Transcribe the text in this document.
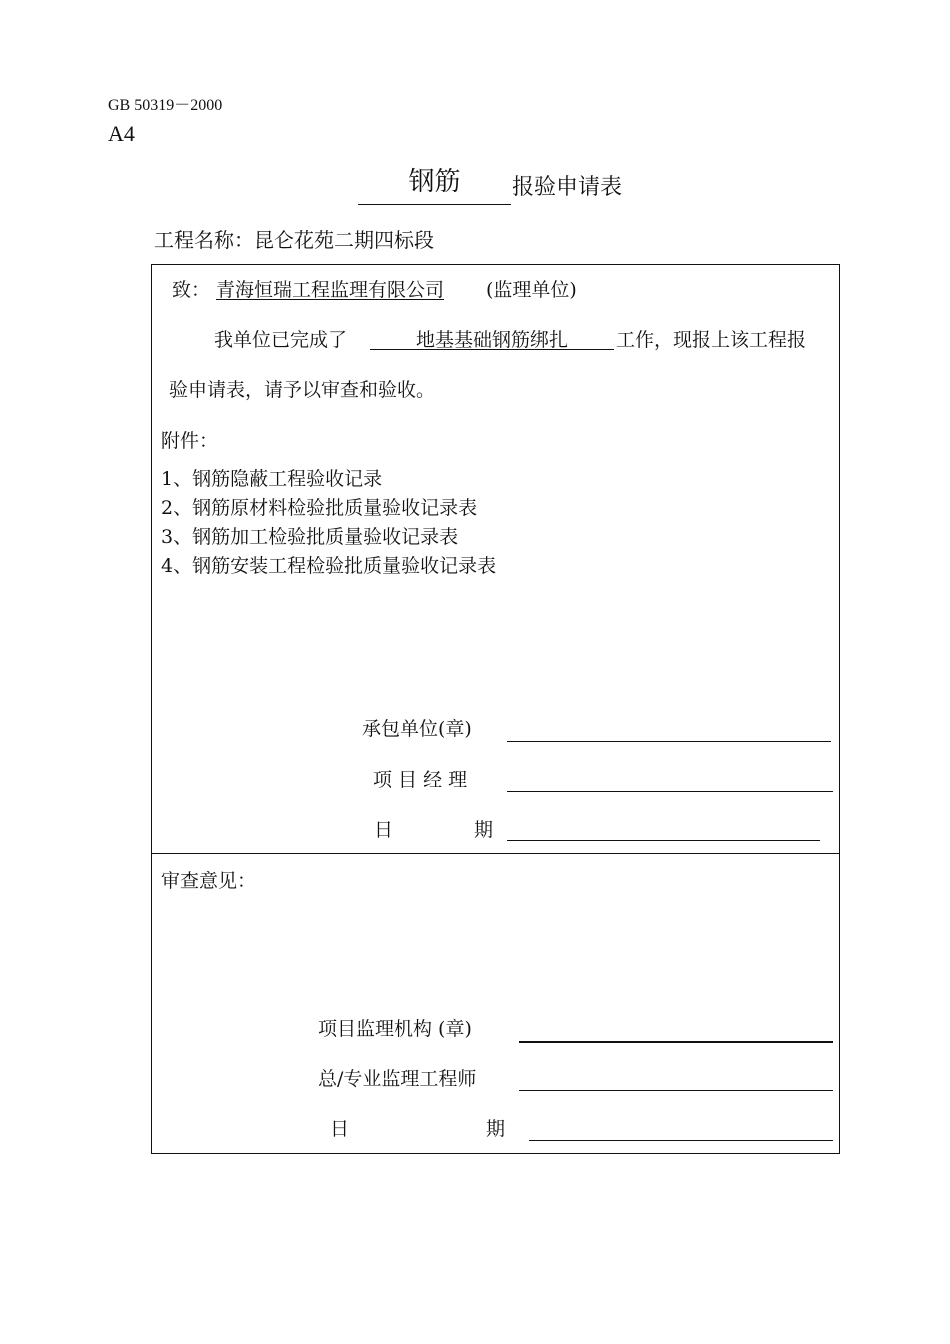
GB 50319－2000
A4
钢筋	报验申请表
工程名称：昆仑花苑二期四标段
致： 青海恒瑞工程监理有限公司 (监理单位)
我单位已完成了	地基基础钢筋绑扎	工作，现报上该工程报
验申请表，请予以审查和验收。
附件：
1、钢筋隐蔽工程验收记录
2、钢筋原材料检验批质量验收记录表
3、钢筋加工检验批质量验收记录表
4、钢筋安装工程检验批质量验收记录表
承包单位(章)
项 目 经 理
日	期
审查意见：
项目监理机构 (章)
总/专业监理工程师
日	期
